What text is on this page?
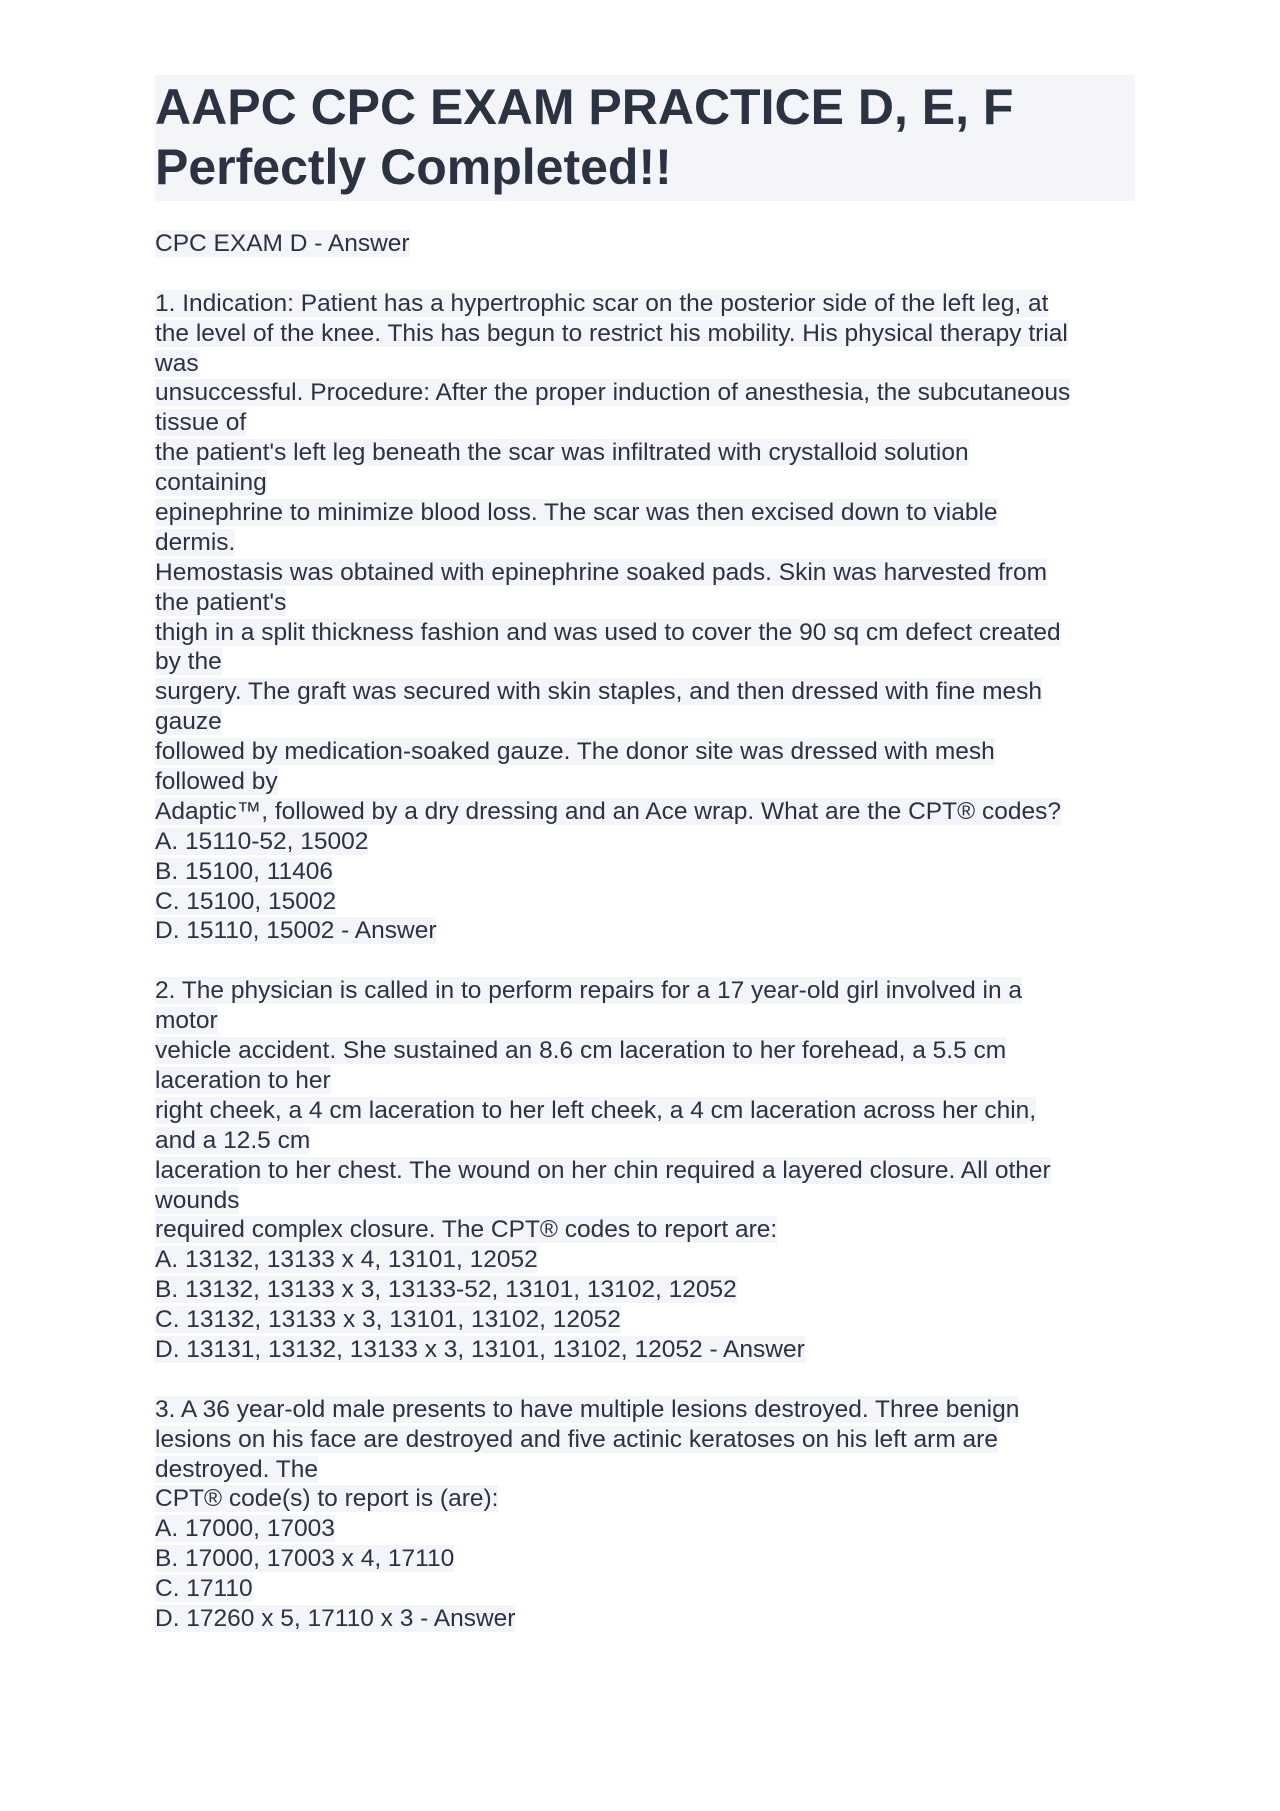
AAPC CPC EXAM PRACTICE D, E, F
Perfectly Completed!!
CPC EXAM D - Answer
1. Indication: Patient has a hypertrophic scar on the posterior side of the left leg, at
the level of the knee. This has begun to restrict his mobility. His physical therapy trial
was
unsuccessful. Procedure: After the proper induction of anesthesia, the subcutaneous
tissue of
the patient's left leg beneath the scar was infiltrated with crystalloid solution
containing
epinephrine to minimize blood loss. The scar was then excised down to viable
dermis.
Hemostasis was obtained with epinephrine soaked pads. Skin was harvested from
the patient's
thigh in a split thickness fashion and was used to cover the 90 sq cm defect created
by the
surgery. The graft was secured with skin staples, and then dressed with fine mesh
gauze
followed by medication-soaked gauze. The donor site was dressed with mesh
followed by
Adaptic™, followed by a dry dressing and an Ace wrap. What are the CPT® codes?
A. 15110-52, 15002
B. 15100, 11406
C. 15100, 15002
D. 15110, 15002 - Answer
2. The physician is called in to perform repairs for a 17 year-old girl involved in a
motor
vehicle accident. She sustained an 8.6 cm laceration to her forehead, a 5.5 cm
laceration to her
right cheek, a 4 cm laceration to her left cheek, a 4 cm laceration across her chin,
and a 12.5 cm
laceration to her chest. The wound on her chin required a layered closure. All other
wounds
required complex closure. The CPT® codes to report are:
A. 13132, 13133 x 4, 13101, 12052
B. 13132, 13133 x 3, 13133-52, 13101, 13102, 12052
C. 13132, 13133 x 3, 13101, 13102, 12052
D. 13131, 13132, 13133 x 3, 13101, 13102, 12052 - Answer
3. A 36 year-old male presents to have multiple lesions destroyed. Three benign
lesions on his face are destroyed and five actinic keratoses on his left arm are
destroyed. The
CPT® code(s) to report is (are):
A. 17000, 17003
B. 17000, 17003 x 4, 17110
C. 17110
D. 17260 x 5, 17110 x 3 - Answer
